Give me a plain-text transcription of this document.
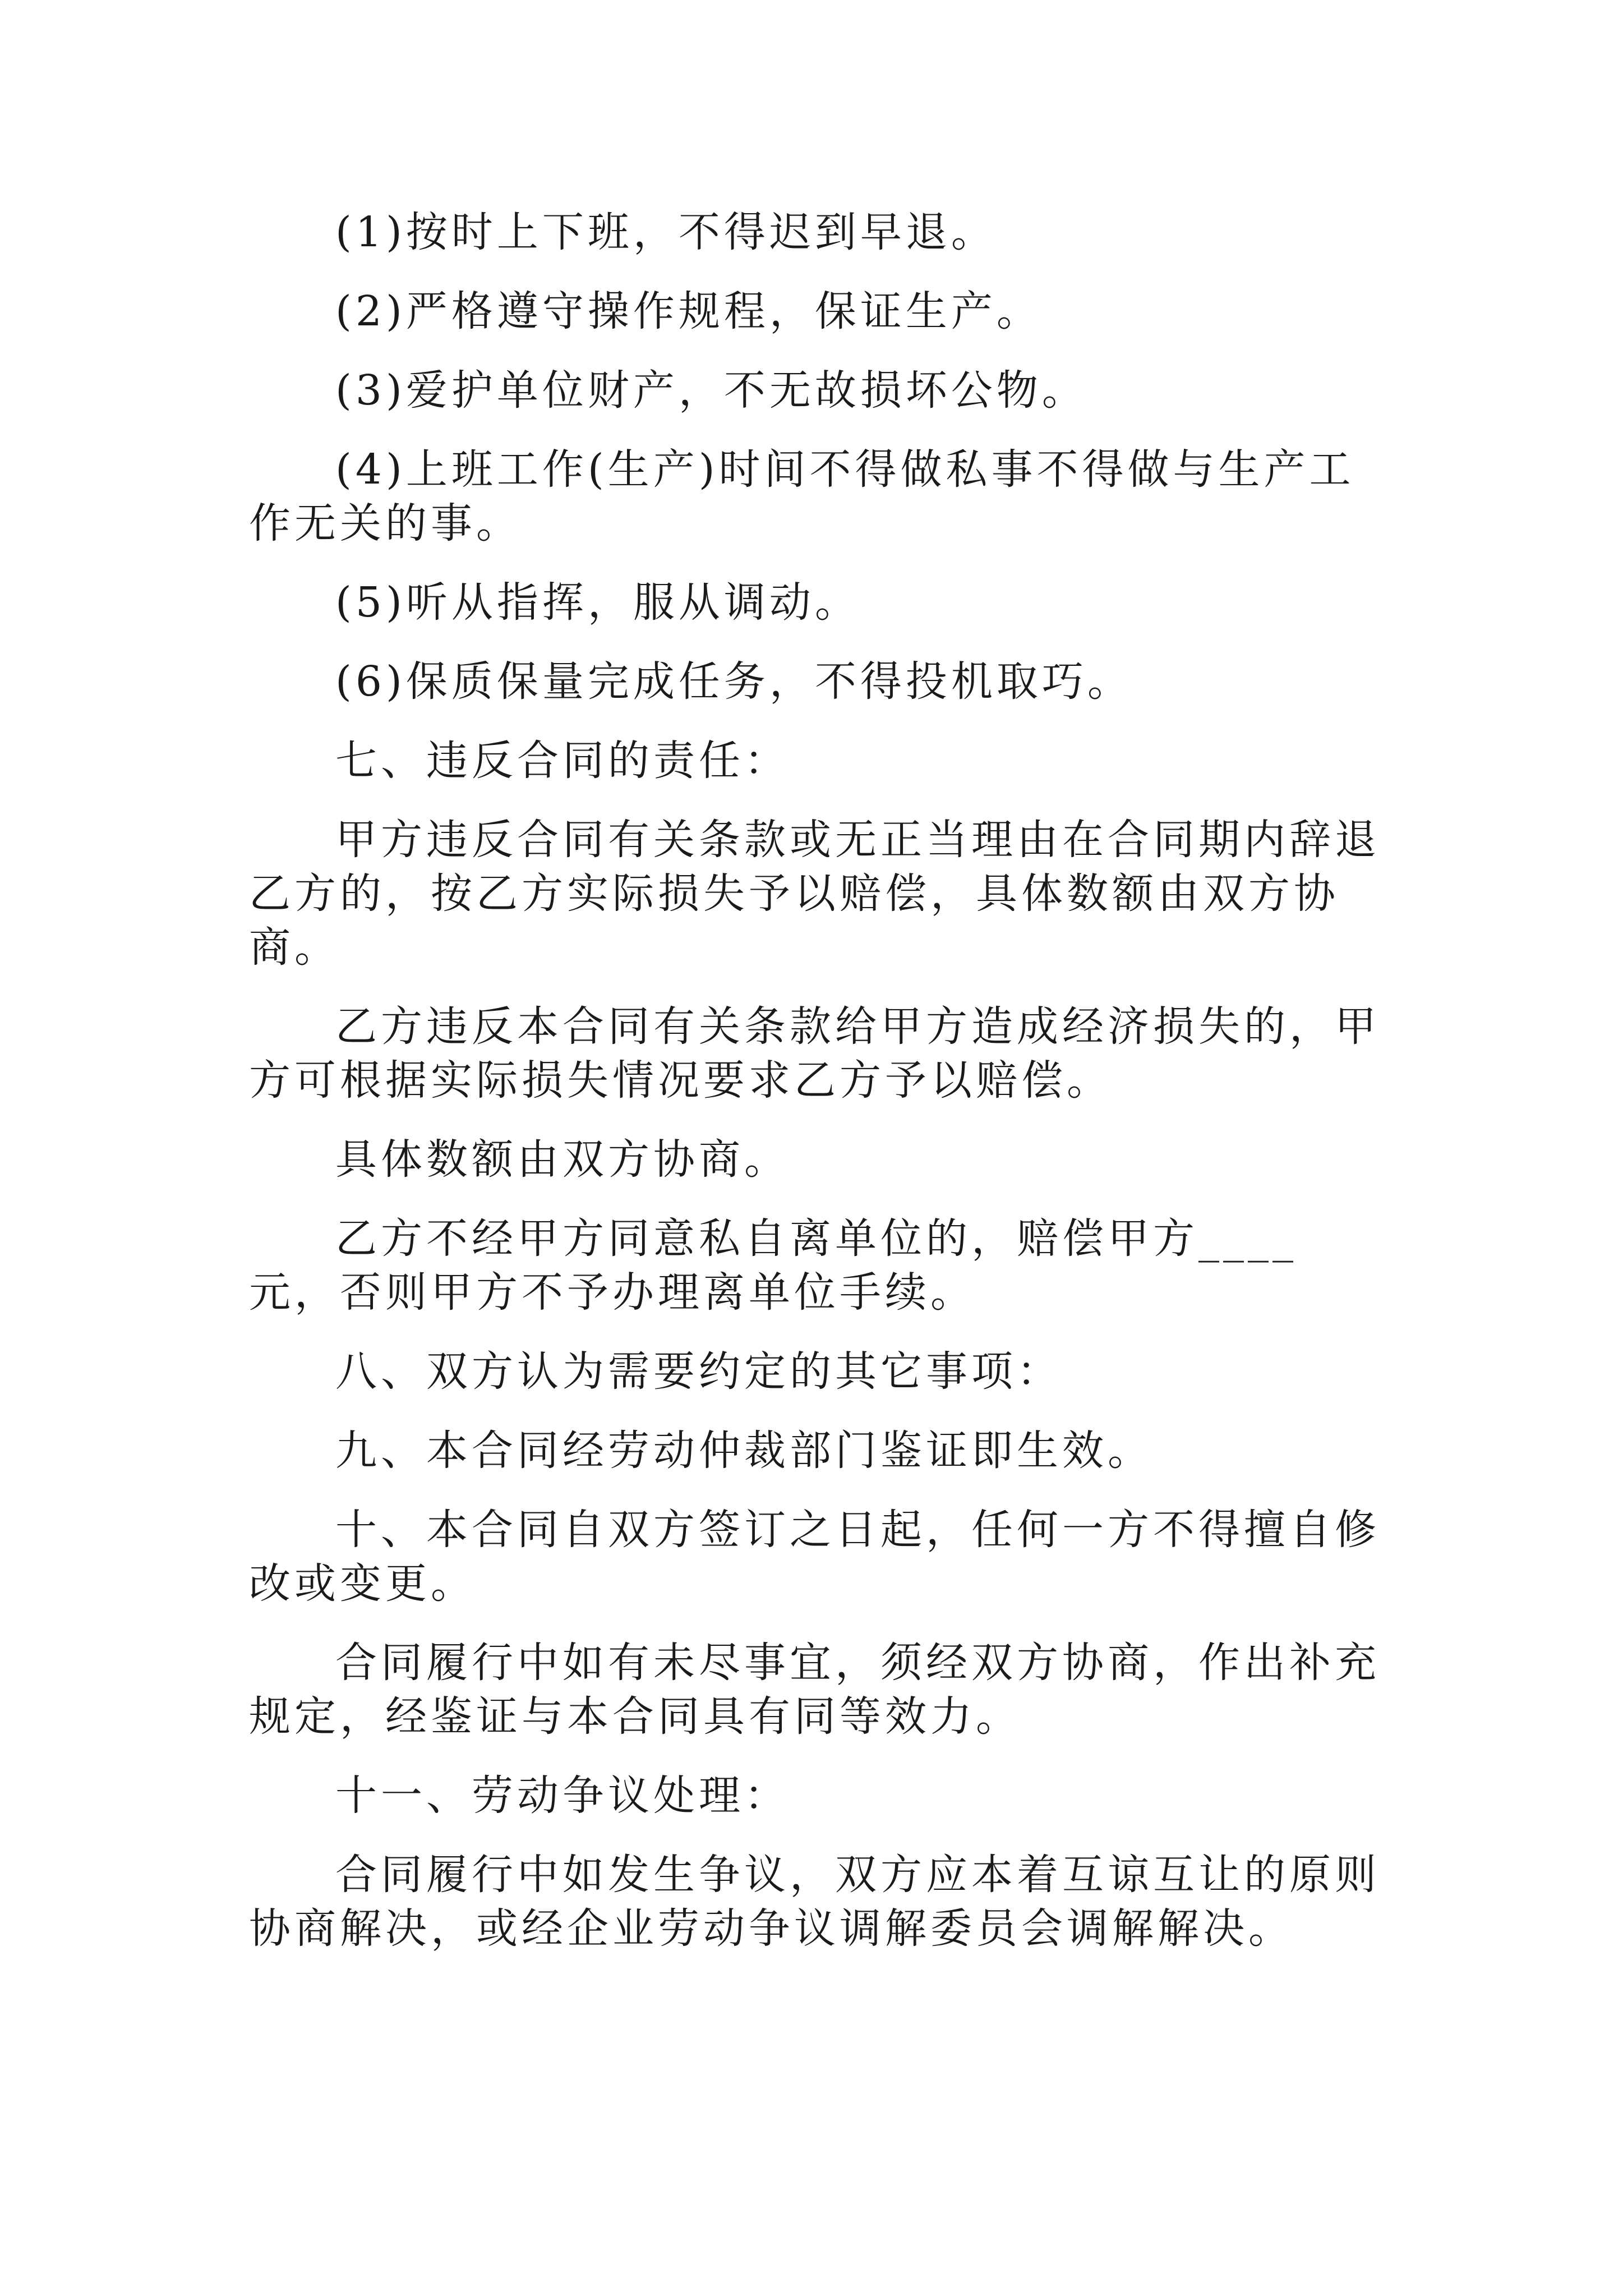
(1)按时上下班，不得迟到早退。

(2)严格遵守操作规程，保证生产。

(3)爱护单位财产，不无故损坏公物。

(4)上班工作(生产)时间不得做私事不得做与生产工作无关的事。

(5)听从指挥，服从调动。

(6)保质保量完成任务，不得投机取巧。

七、违反合同的责任：

甲方违反合同有关条款或无正当理由在合同期内辞退乙方的，按乙方实际损失予以赔偿，具体数额由双方协商。

乙方违反本合同有关条款给甲方造成经济损失的，甲方可根据实际损失情况要求乙方予以赔偿。

具体数额由双方协商。

乙方不经甲方同意私自离单位的，赔偿甲方____元，否则甲方不予办理离单位手续。

八、双方认为需要约定的其它事项：

九、本合同经劳动仲裁部门鉴证即生效。

十、本合同自双方签订之日起，任何一方不得擅自修改或变更。

合同履行中如有未尽事宜，须经双方协商，作出补充规定，经鉴证与本合同具有同等效力。

十一、劳动争议处理：

合同履行中如发生争议，双方应本着互谅互让的原则协商解决，或经企业劳动争议调解委员会调解解决。
